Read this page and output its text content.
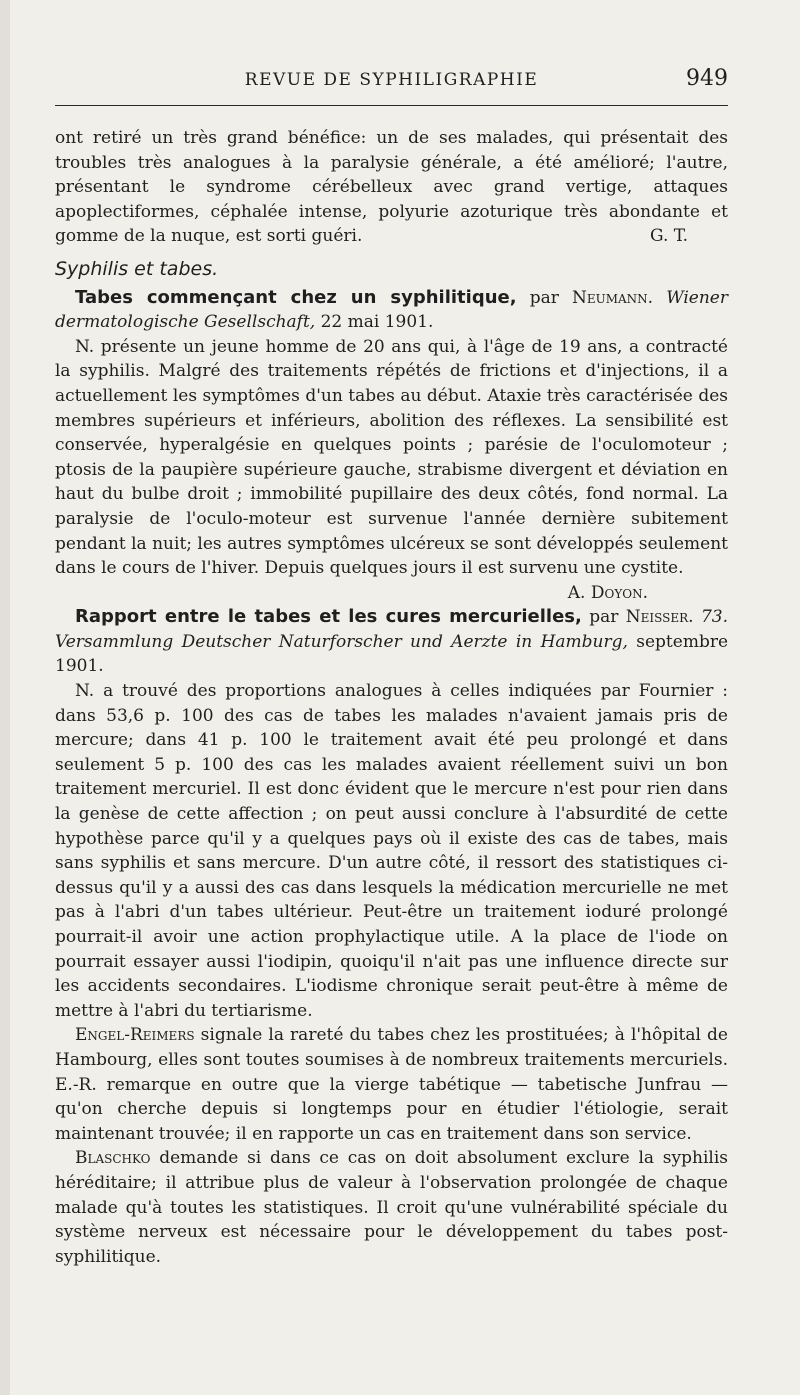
REVUE DE SYPHILIGRAPHIE	949

ont retiré un très grand bénéfice: un de ses malades, qui présentait des troubles très analogues à la paralysie générale, a été amélioré; l'autre, présentant le syndrome cérébelleux avec grand vertige, attaques apoplectiformes, céphalée intense, polyurie azoturique très abondante et gomme de la nuque, est sorti guéri.	G. T.

Syphilis et tabes.

Tabes commençant chez un syphilitique, par Neumann. Wiener dermatologische Gesellschaft, 22 mai 1901.

N. présente un jeune homme de 20 ans qui, à l'âge de 19 ans, a contracté la syphilis. Malgré des traitements répétés de frictions et d'injections, il a actuellement les symptômes d'un tabes au début. Ataxie très caractérisée des membres supérieurs et inférieurs, abolition des réflexes. La sensibilité est conservée, hyperalgésie en quelques points ; parésie de l'oculomoteur ; ptosis de la paupière supérieure gauche, strabisme divergent et déviation en haut du bulbe droit ; immobilité pupillaire des deux côtés, fond normal. La paralysie de l'oculo-moteur est survenue l'année dernière subitement pendant la nuit; les autres symptômes ulcéreux se sont développés seulement dans le cours de l'hiver. Depuis quelques jours il est survenu une cystite.
A. Doyon.

Rapport entre le tabes et les cures mercurielles, par Neisser. 73. Versammlung Deutscher Naturforscher und Aerzte in Hamburg, septembre 1901.

N. a trouvé des proportions analogues à celles indiquées par Fournier : dans 53,6 p. 100 des cas de tabes les malades n'avaient jamais pris de mercure; dans 41 p. 100 le traitement avait été peu prolongé et dans seulement 5 p. 100 des cas les malades avaient réellement suivi un bon traitement mercuriel. Il est donc évident que le mercure n'est pour rien dans la genèse de cette affection ; on peut aussi conclure à l'absurdité de cette hypothèse parce qu'il y a quelques pays où il existe des cas de tabes, mais sans syphilis et sans mercure. D'un autre côté, il ressort des statistiques ci-dessus qu'il y a aussi des cas dans lesquels la médication mercurielle ne met pas à l'abri d'un tabes ultérieur. Peut-être un traitement ioduré prolongé pourrait-il avoir une action prophylactique utile. A la place de l'iode on pourrait essayer aussi l'iodipin, quoiqu'il n'ait pas une influence directe sur les accidents secondaires. L'iodisme chronique serait peut-être à même de mettre à l'abri du tertiarisme.

Engel-Reimers signale la rareté du tabes chez les prostituées; à l'hôpital de Hambourg, elles sont toutes soumises à de nombreux traitements mercuriels. E.-R. remarque en outre que la vierge tabétique — tabetische Junfrau — qu'on cherche depuis si longtemps pour en étudier l'étiologie, serait maintenant trouvée; il en rapporte un cas en traitement dans son service.

Blaschko demande si dans ce cas on doit absolument exclure la syphilis héréditaire; il attribue plus de valeur à l'observation prolongée de chaque malade qu'à toutes les statistiques. Il croit qu'une vulnérabilité spéciale du système nerveux est nécessaire pour le développement du tabes post-syphilitique.
